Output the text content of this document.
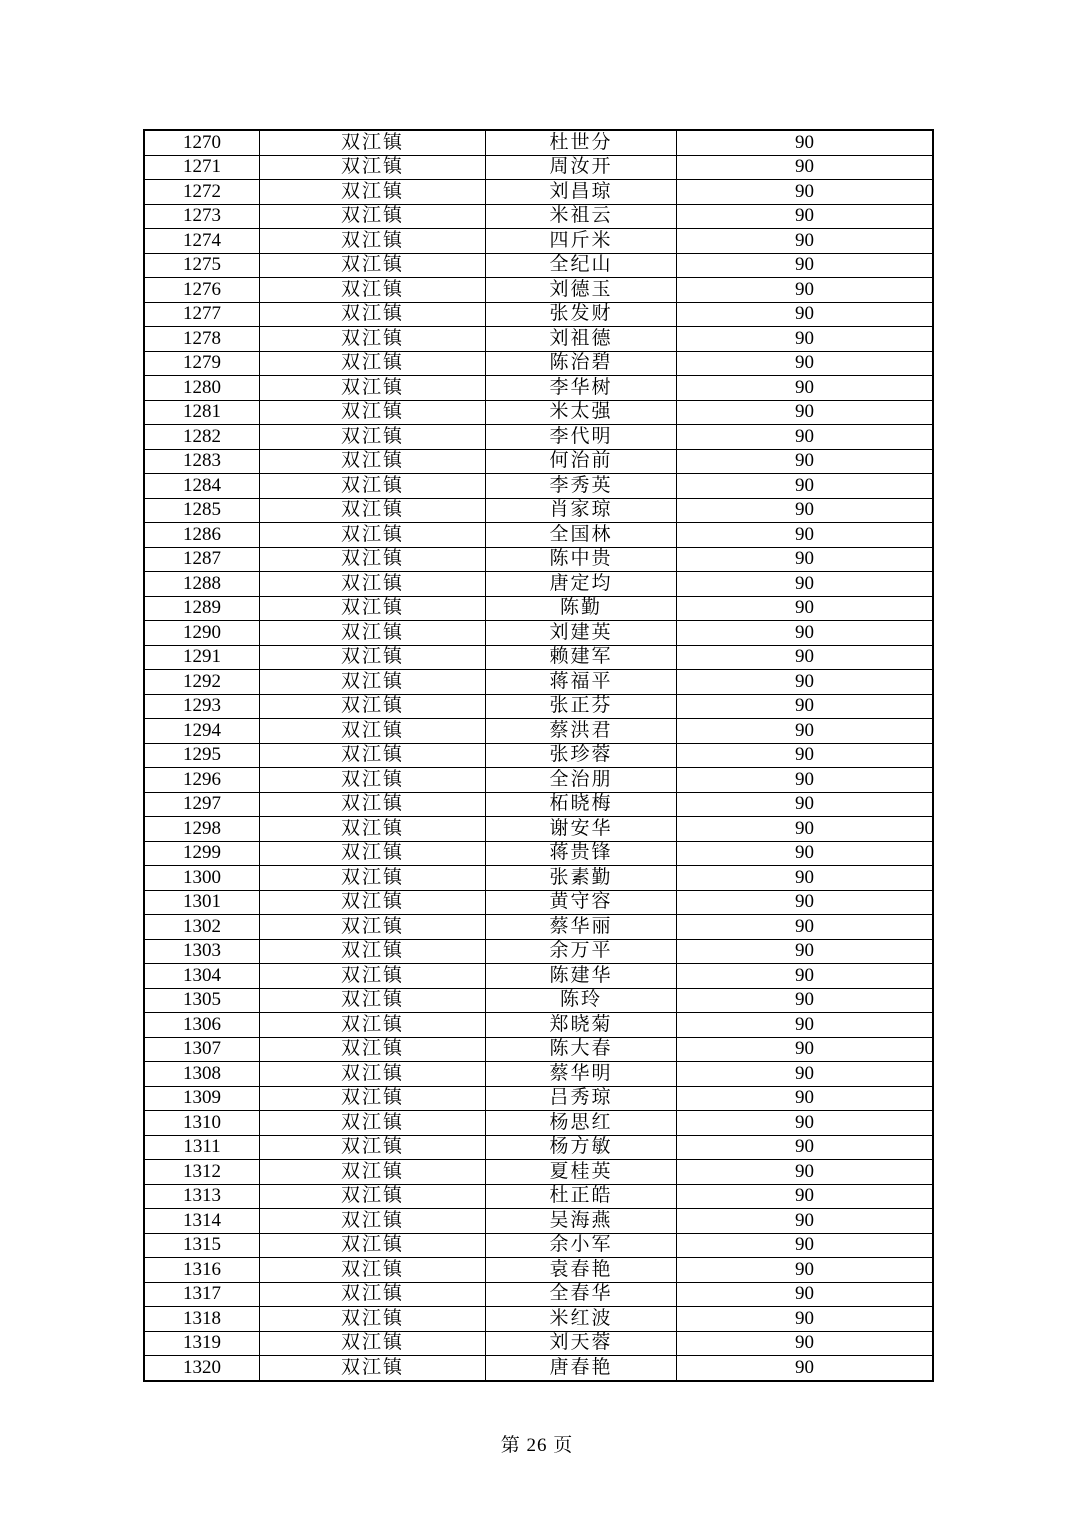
1270	双江镇	杜世分	90
1271	双江镇	周汝开	90
1272	双江镇	刘昌琼	90
1273	双江镇	米祖云	90
1274	双江镇	四斤米	90
1275	双江镇	全纪山	90
1276	双江镇	刘德玉	90
1277	双江镇	张发财	90
1278	双江镇	刘祖德	90
1279	双江镇	陈治碧	90
1280	双江镇	李华树	90
1281	双江镇	米太强	90
1282	双江镇	李代明	90
1283	双江镇	何治前	90
1284	双江镇	李秀英	90
1285	双江镇	肖家琼	90
1286	双江镇	全国林	90
1287	双江镇	陈中贵	90
1288	双江镇	唐定均	90
1289	双江镇	陈勤	90
1290	双江镇	刘建英	90
1291	双江镇	赖建军	90
1292	双江镇	蒋福平	90
1293	双江镇	张正芬	90
1294	双江镇	蔡洪君	90
1295	双江镇	张珍蓉	90
1296	双江镇	全治朋	90
1297	双江镇	柘晓梅	90
1298	双江镇	谢安华	90
1299	双江镇	蒋贵锋	90
1300	双江镇	张素勤	90
1301	双江镇	黄守容	90
1302	双江镇	蔡华丽	90
1303	双江镇	余万平	90
1304	双江镇	陈建华	90
1305	双江镇	陈玲	90
1306	双江镇	郑晓菊	90
1307	双江镇	陈大春	90
1308	双江镇	蔡华明	90
1309	双江镇	吕秀琼	90
1310	双江镇	杨思红	90
1311	双江镇	杨方敏	90
1312	双江镇	夏桂英	90
1313	双江镇	杜正皓	90
1314	双江镇	吴海燕	90
1315	双江镇	余小军	90
1316	双江镇	袁春艳	90
1317	双江镇	全春华	90
1318	双江镇	米红波	90
1319	双江镇	刘天蓉	90
1320	双江镇	唐春艳	90
第 26 页
